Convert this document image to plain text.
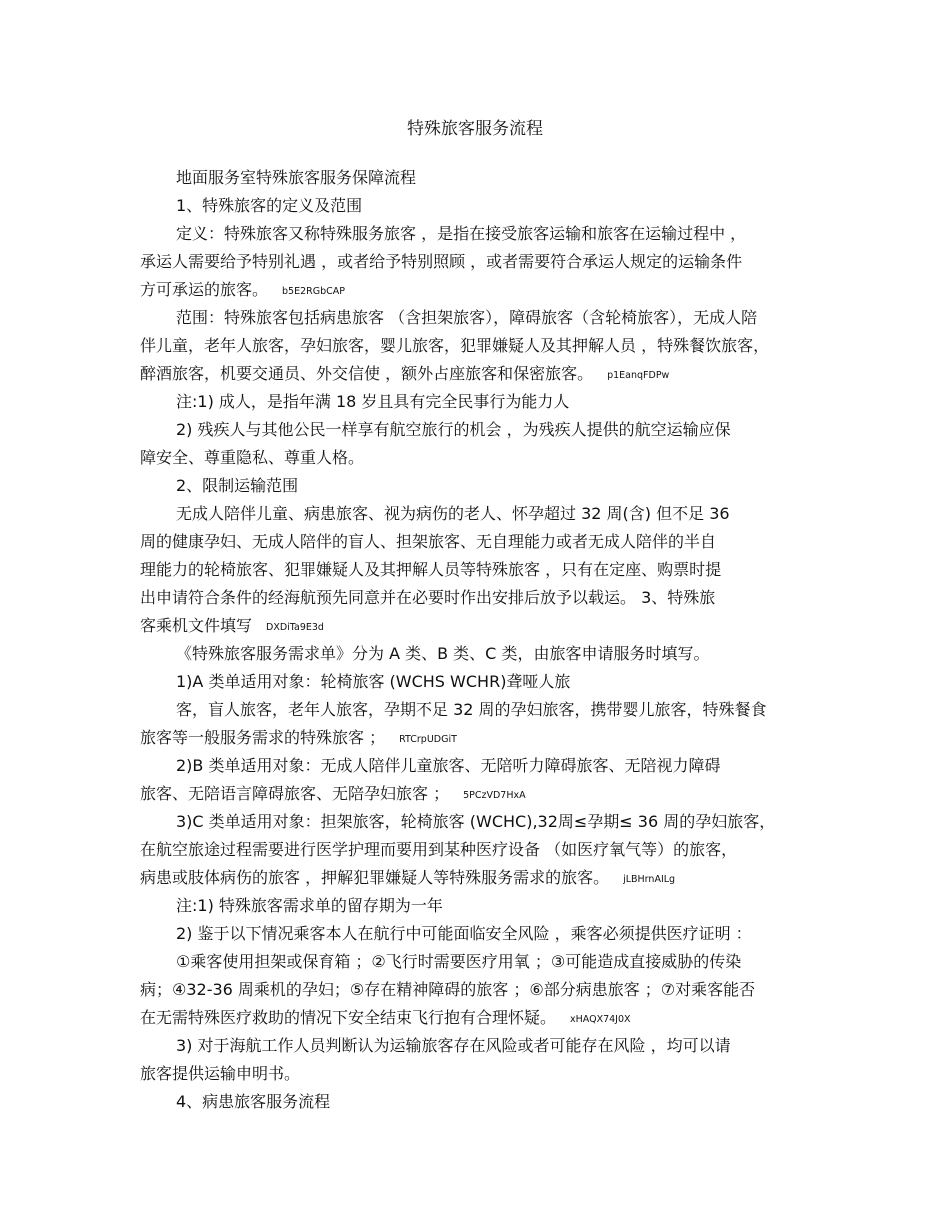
特殊旅客服务流程
地面服务室特殊旅客服务保障流程
1、特殊旅客的定义及范围
定义：特殊旅客又称特殊服务旅客 ，是指在接受旅客运输和旅客在运输过程中 ，
承运人需要给予特别礼遇 ，或者给予特别照顾 ，或者需要符合承运人规定的运输条件
方可承运的旅客。 b5E2RGbCAP
范围：特殊旅客包括病患旅客 （含担架旅客），障碍旅客（含轮椅旅客），无成人陪
伴儿童，老年人旅客，孕妇旅客，婴儿旅客，犯罪嫌疑人及其押解人员 ，特殊餐饮旅客，
醉酒旅客，机要交通员、外交信使 ，额外占座旅客和保密旅客。 p1EanqFDPw
注:1) 成人，是指年满 18 岁且具有完全民事行为能力人
2) 残疾人与其他公民一样享有航空旅行的机会 ，为残疾人提供的航空运输应保
障安全、尊重隐私、尊重人格。
2、限制运输范围
无成人陪伴儿童、病患旅客、视为病伤的老人、怀孕超过 32 周(含) 但不足 36
周的健康孕妇、无成人陪伴的盲人、担架旅客、无自理能力或者无成人陪伴的半自
理能力的轮椅旅客、犯罪嫌疑人及其押解人员等特殊旅客 ，只有在定座、购票时提
出申请符合条件的经海航预先同意并在必要时作出安排后放予以载运。 3、特殊旅
客乘机文件填写 DXDiTa9E3d
《特殊旅客服务需求单》分为 A 类、B 类、C 类，由旅客申请服务时填写。
1)A 类单适用对象：轮椅旅客 (WCHS WCHR)聋哑人旅
客，盲人旅客，老年人旅客，孕期不足 32 周的孕妇旅客，携带婴儿旅客，特殊餐食
旅客等一般服务需求的特殊旅客 ； RTCrpUDGiT
2)B 类单适用对象：无成人陪伴儿童旅客、无陪听力障碍旅客、无陪视力障碍
旅客、无陪语言障碍旅客、无陪孕妇旅客 ； 5PCzVD7HxA
3)C 类单适用对象：担架旅客，轮椅旅客 (WCHC),32周≤孕期≤ 36 周的孕妇旅客，
在航空旅途过程需要进行医学护理而要用到某种医疗设备 （如医疗氧气等）的旅客，
病患或肢体病伤的旅客 ，押解犯罪嫌疑人等特殊服务需求的旅客。 jLBHrnAILg
注:1) 特殊旅客需求单的留存期为一年
2) 鉴于以下情况乘客本人在航行中可能面临安全风险 ，乘客必须提供医疗证明 ：
①乘客使用担架或保育箱 ；②飞行时需要医疗用氧 ；③可能造成直接威胁的传染
病；④32-36 周乘机的孕妇；⑤存在精神障碍的旅客 ；⑥部分病患旅客 ；⑦对乘客能否
在无需特殊医疗救助的情况下安全结束飞行抱有合理怀疑。 xHAQX74J0X
3) 对于海航工作人员判断认为运输旅客存在风险或者可能存在风险 ，均可以请
旅客提供运输申明书。
4、病患旅客服务流程
